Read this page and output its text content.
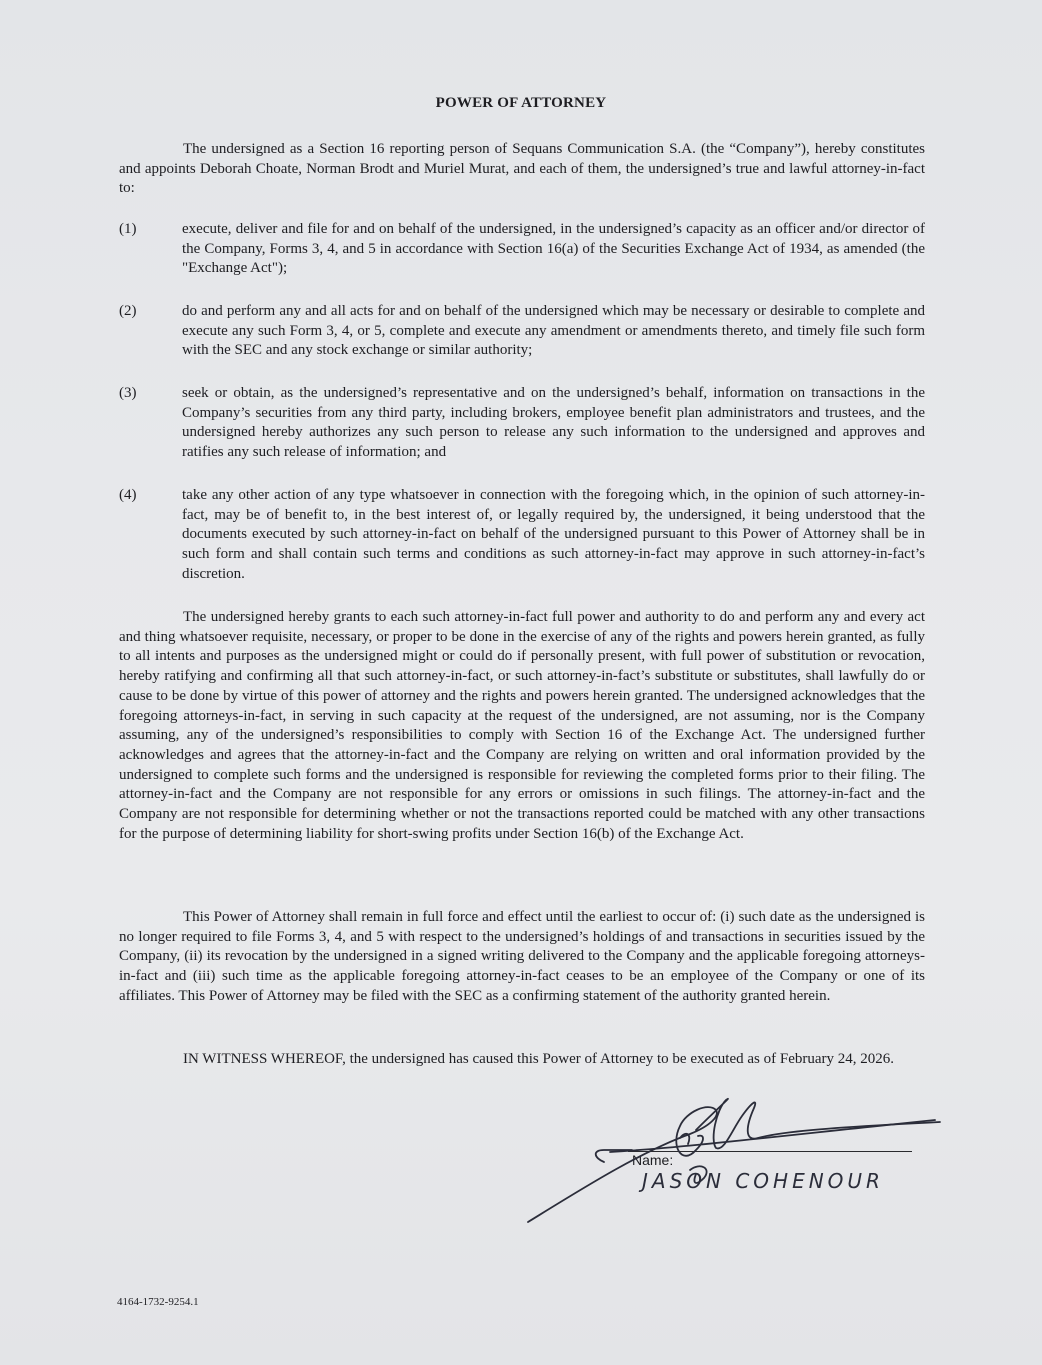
POWER OF ATTORNEY
The undersigned as a Section 16 reporting person of Sequans Communication S.A. (the “Company”), hereby constitutes and appoints Deborah Choate, Norman Brodt and Muriel Murat, and each of them, the undersigned’s true and lawful attorney-in-fact to:
(1)	execute, deliver and file for and on behalf of the undersigned, in the undersigned’s capacity as an officer and/or director of the Company, Forms 3, 4, and 5 in accordance with Section 16(a) of the Securities Exchange Act of 1934, as amended (the "Exchange Act");
(2)	do and perform any and all acts for and on behalf of the undersigned which may be necessary or desirable to complete and execute any such Form 3, 4, or 5, complete and execute any amendment or amendments thereto, and timely file such form with the SEC and any stock exchange or similar authority;
(3)	seek or obtain, as the undersigned’s representative and on the undersigned’s behalf, information on transactions in the Company’s securities from any third party, including brokers, employee benefit plan administrators and trustees, and the undersigned hereby authorizes any such person to release any such information to the undersigned and approves and ratifies any such release of information; and
(4)	take any other action of any type whatsoever in connection with the foregoing which, in the opinion of such attorney-in-fact, may be of benefit to, in the best interest of, or legally required by, the undersigned, it being understood that the documents executed by such attorney-in-fact on behalf of the undersigned pursuant to this Power of Attorney shall be in such form and shall contain such terms and conditions as such attorney-in-fact may approve in such attorney-in-fact’s discretion.
The undersigned hereby grants to each such attorney-in-fact full power and authority to do and perform any and every act and thing whatsoever requisite, necessary, or proper to be done in the exercise of any of the rights and powers herein granted, as fully to all intents and purposes as the undersigned might or could do if personally present, with full power of substitution or revocation, hereby ratifying and confirming all that such attorney-in-fact, or such attorney-in-fact’s substitute or substitutes, shall lawfully do or cause to be done by virtue of this power of attorney and the rights and powers herein granted. The undersigned acknowledges that the foregoing attorneys-in-fact, in serving in such capacity at the request of the undersigned, are not assuming, nor is the Company assuming, any of the undersigned’s responsibilities to comply with Section 16 of the Exchange Act. The undersigned further acknowledges and agrees that the attorney-in-fact and the Company are relying on written and oral information provided by the undersigned to complete such forms and the undersigned is responsible for reviewing the completed forms prior to their filing. The attorney-in-fact and the Company are not responsible for any errors or omissions in such filings. The attorney-in-fact and the Company are not responsible for determining whether or not the transactions reported could be matched with any other transactions for the purpose of determining liability for short-swing profits under Section 16(b) of the Exchange Act.
This Power of Attorney shall remain in full force and effect until the earliest to occur of: (i) such date as the undersigned is no longer required to file Forms 3, 4, and 5 with respect to the undersigned’s holdings of and transactions in securities issued by the Company, (ii) its revocation by the undersigned in a signed writing delivered to the Company and the applicable foregoing attorneys-in-fact and (iii) such time as the applicable foregoing attorney-in-fact ceases to be an employee of the Company or one of its affiliates. This Power of Attorney may be filed with the SEC as a confirming statement of the authority granted herein.
IN WITNESS WHEREOF, the undersigned has caused this Power of Attorney to be executed as of February 24, 2026.
Name:
JASON COHENOUR
4164-1732-9254.1
